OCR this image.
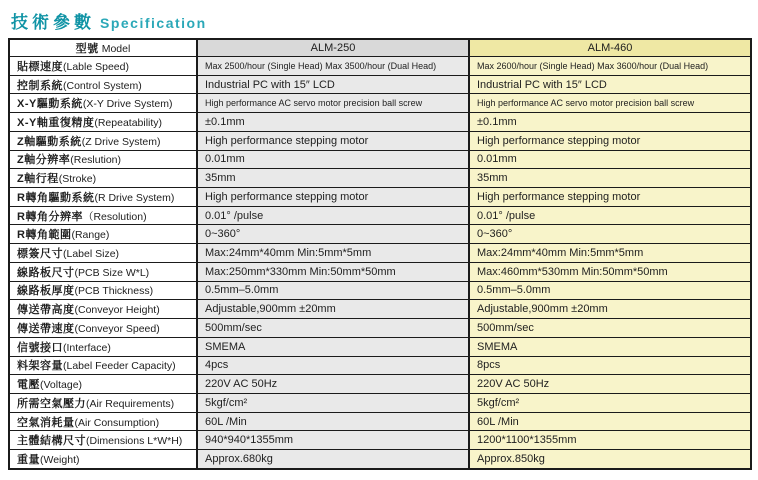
技術參數 Specification
型號 Model	ALM-250	ALM-460
貼標速度(Lable Speed)	Max 2500/hour (Single Head) Max 3500/hour (Dual Head)	Max 2600/hour (Single Head) Max 3600/hour (Dual Head)
控制系統(Control System)	Industrial PC with 15″ LCD	Industrial PC with 15″ LCD
X-Y驅動系統(X-Y Drive System)	High performance AC servo motor precision ball screw	High performance AC servo motor precision ball screw
X-Y軸重復精度(Repeatability)	±0.1mm	±0.1mm
Z軸驅動系統(Z Drive System)	High performance stepping motor	High performance stepping motor
Z軸分辨率(Reslution)	0.01mm	0.01mm
Z軸行程(Stroke)	35mm	35mm
R轉角驅動系統(R Drive System)	High performance stepping motor	High performance stepping motor
R轉角分辨率（Resolution)	0.01° /pulse	0.01° /pulse
R轉角範圍(Range)	0~360°	0~360°
標簽尺寸(Label Size)	Max:24mm*40mm Min:5mm*5mm	Max:24mm*40mm Min:5mm*5mm
線路板尺寸(PCB Size W*L)	Max:250mm*330mm Min:50mm*50mm	Max:460mm*530mm Min:50mm*50mm
線路板厚度(PCB Thickness)	0.5mm–5.0mm	0.5mm–5.0mm
傳送帶高度(Conveyor Height)	Adjustable,900mm ±20mm	Adjustable,900mm ±20mm
傳送帶速度(Conveyor Speed)	500mm/sec	500mm/sec
信號接口(Interface)	SMEMA	SMEMA
料架容量(Label Feeder Capacity)	4pcs	8pcs
電壓(Voltage)	220V AC 50Hz	220V AC 50Hz
所需空氣壓力(Air Requirements)	5kgf/cm²	5kgf/cm²
空氣消耗量(Air Consumption)	60L /Min	60L /Min
主體結構尺寸(Dimensions L*W*H)	940*940*1355mm	1200*1100*1355mm
重量(Weight)	Approx.680kg	Approx.850kg
